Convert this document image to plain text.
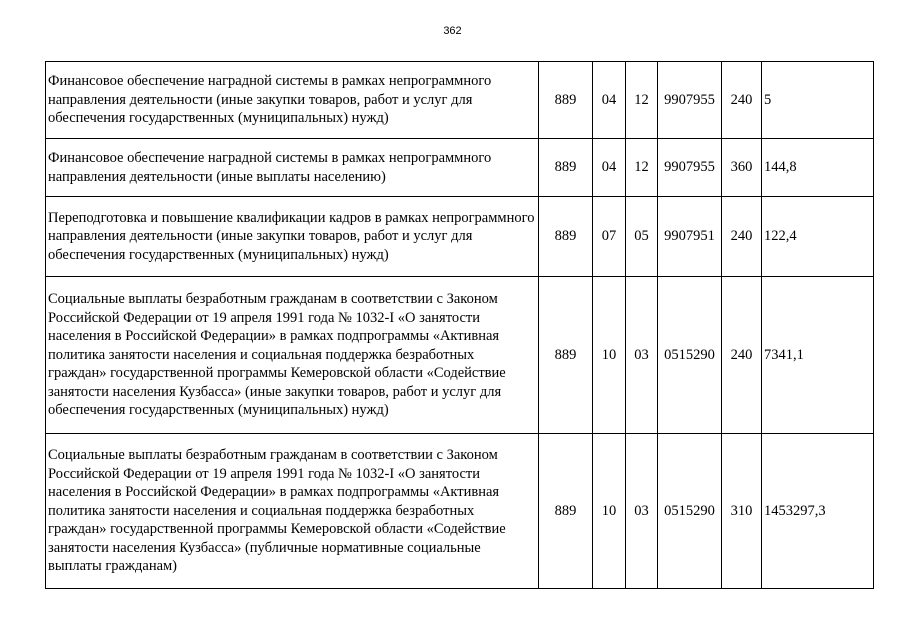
362
Финансовое обеспечение наградной системы в рамках непрограммного направления деятельности (иные закупки товаров, работ и услуг для обеспечения государственных (муниципальных) нужд)	889	04	12	9907955	240	5
Финансовое обеспечение наградной системы в рамках непрограммного направления деятельности (иные выплаты населению)	889	04	12	9907955	360	144,8
Переподготовка и повышение квалификации кадров в рамках непрограммного направления деятельности (иные закупки товаров, работ и услуг для обеспечения государственных (муниципальных) нужд)	889	07	05	9907951	240	122,4
Социальные выплаты безработным гражданам в соответствии с Законом Российской Федерации от 19 апреля 1991 года № 1032-I «О занятости населения в Российской Федерации» в рамках подпрограммы «Активная политика занятости населения и социальная поддержка безработных граждан» государственной программы Кемеровской области «Содействие занятости населения Кузбасса» (иные закупки товаров, работ и услуг для обеспечения государственных (муниципальных) нужд)	889	10	03	0515290	240	7341,1
Социальные выплаты безработным гражданам в соответствии с Законом Российской Федерации от 19 апреля 1991 года № 1032-I «О занятости населения в Российской Федерации» в рамках подпрограммы «Активная политика занятости населения и социальная поддержка безработных граждан» государственной программы Кемеровской области «Содействие занятости населения Кузбасса» (публичные нормативные социальные выплаты гражданам)	889	10	03	0515290	310	1453297,3
